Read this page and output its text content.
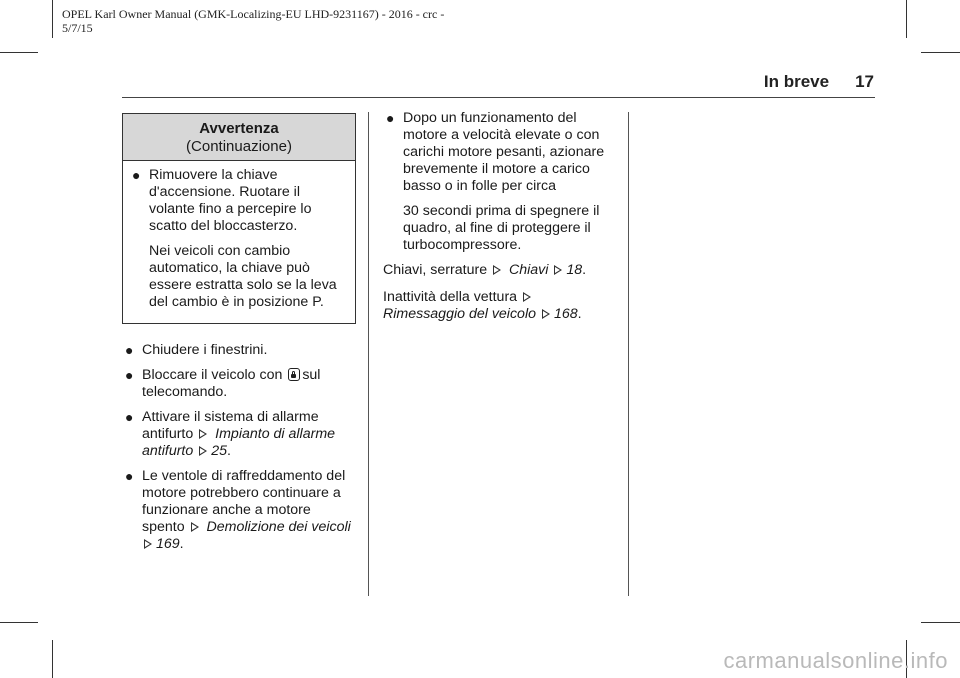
OPEL Karl Owner Manual (GMK-Localizing-EU LHD-9231167) - 2016 - crc -
5/7/15
In breve 17
Avvertenza
(Continuazione)
● Rimuovere la chiave d'accensione. Ruotare il volante fino a percepire lo scatto del bloccasterzo.
Nei veicoli con cambio automatico, la chiave può essere estratta solo se la leva del cambio è in posizione P.
● Chiudere i finestrini.
● Bloccare il veicolo con sul telecomando.
● Attivare il sistema di allarme antifurto Impianto di allarme antifurto 25.
● Le ventole di raffreddamento del motore potrebbero continuare a funzionare anche a motore spento Demolizione dei veicoli 169.
● Dopo un funzionamento del motore a velocità elevate o con carichi motore pesanti, azionare brevemente il motore a carico basso o in folle per circa
30 secondi prima di spegnere il quadro, al fine di proteggere il turbocompressore.
Chiavi, serrature Chiavi 18.
Inattività della vettura
Rimessaggio del veicolo 168.
carmanualsonline.info
